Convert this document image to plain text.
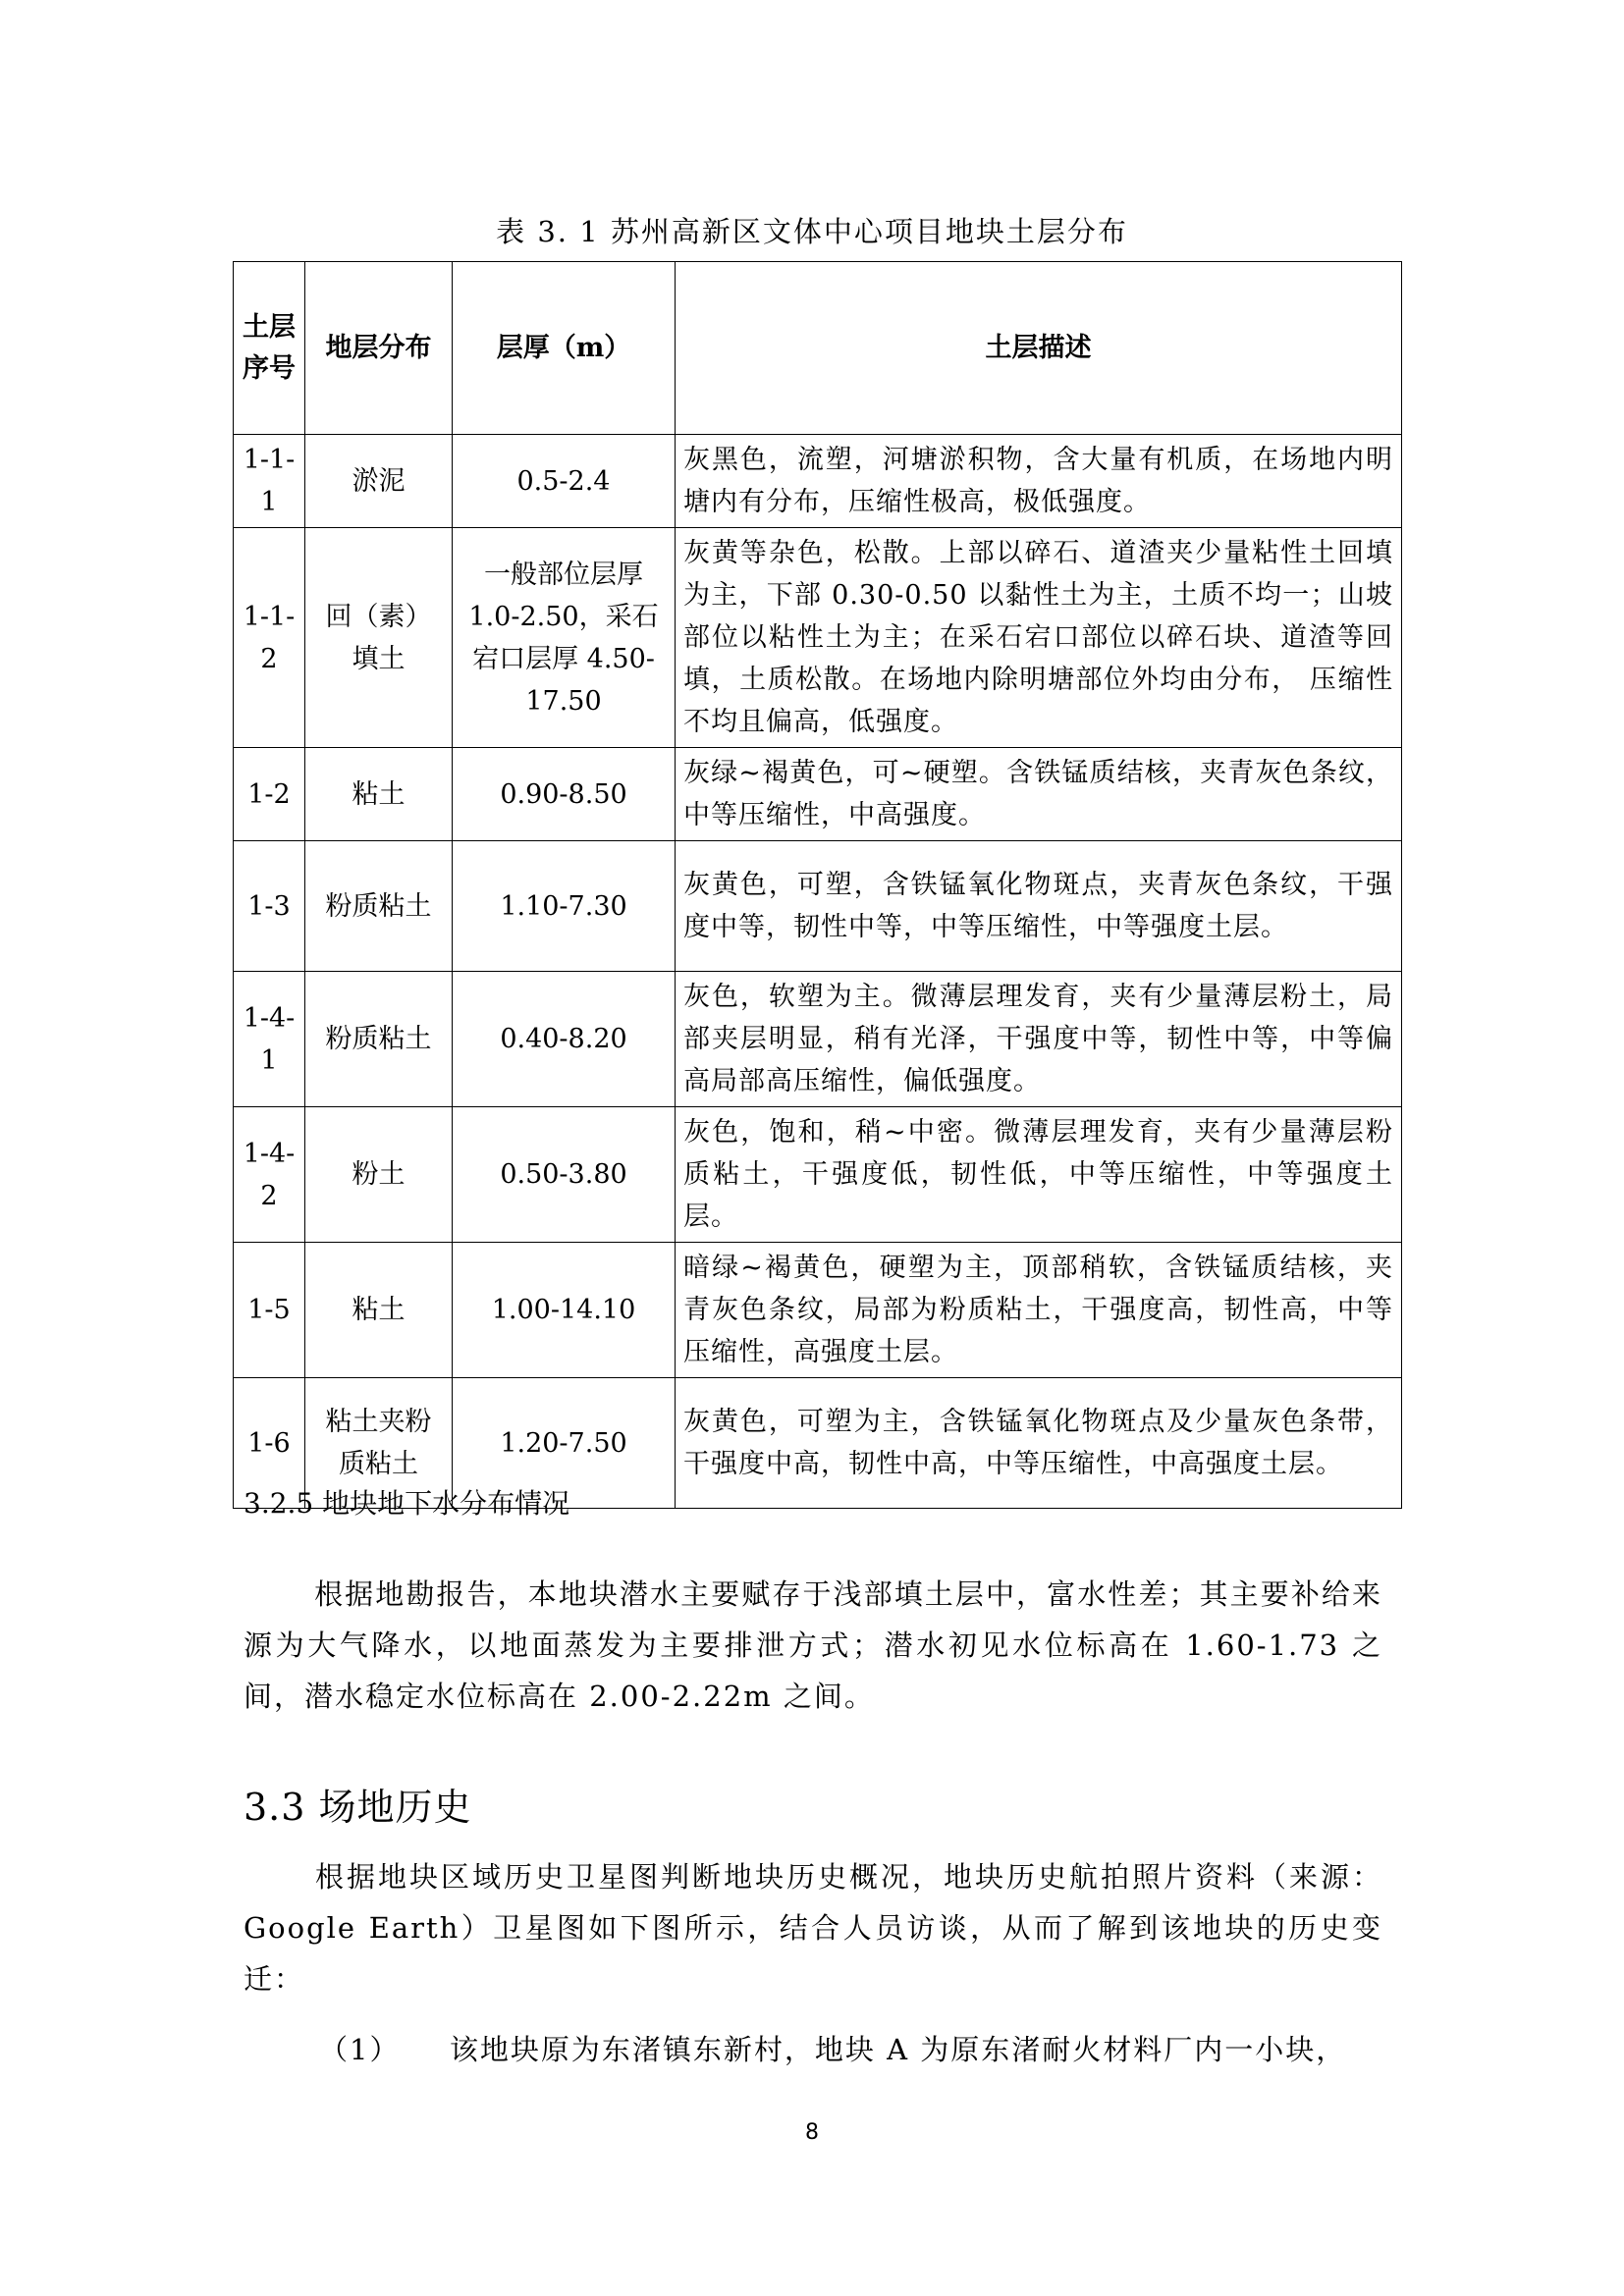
表 3. 1 苏州高新区文体中心项目地块土层分布
土层序号	地层分布	层厚（m）	土层描述
1-1-1	淤泥	0.5-2.4	灰黑色，流塑，河塘淤积物，含大量有机质，在场地内明塘内有分布，压缩性极高，极低强度。
1-1-2	回（素）填土	一般部位层厚 1.0-2.50，采石宕口层厚 4.50-17.50	灰黄等杂色，松散。上部以碎石、道渣夹少量粘性土回填为主，下部 0.30-0.50 以黏性土为主，土质不均一；山坡部位以粘性土为主；在采石宕口部位以碎石块、道渣等回填，土质松散。在场地内除明塘部位外均由分布， 压缩性不均且偏高，低强度。
1-2	粘土	0.90-8.50	灰绿~褐黄色，可~硬塑。含铁锰质结核，夹青灰色条纹，中等压缩性，中高强度。
1-3	粉质粘土	1.10-7.30	灰黄色，可塑，含铁锰氧化物斑点，夹青灰色条纹，干强度中等，韧性中等，中等压缩性，中等强度土层。
1-4-1	粉质粘土	0.40-8.20	灰色，软塑为主。微薄层理发育，夹有少量薄层粉土，局部夹层明显，稍有光泽，干强度中等，韧性中等，中等偏高局部高压缩性，偏低强度。
1-4-2	粉土	0.50-3.80	灰色，饱和，稍~中密。微薄层理发育，夹有少量薄层粉质粘土，干强度低，韧性低，中等压缩性，中等强度土层。
1-5	粘土	1.00-14.10	暗绿~褐黄色，硬塑为主，顶部稍软，含铁锰质结核，夹青灰色条纹，局部为粉质粘土，干强度高，韧性高，中等压缩性，高强度土层。
1-6	粘土夹粉质粘土	1.20-7.50	灰黄色，可塑为主，含铁锰氧化物斑点及少量灰色条带，干强度中高，韧性中高，中等压缩性，中高强度土层。
3.2.5 地块地下水分布情况
根据地勘报告，本地块潜水主要赋存于浅部填土层中，富水性差；其主要补给来源为大气降水，以地面蒸发为主要排泄方式；潜水初见水位标高在 1.60-1.73 之间，潜水稳定水位标高在 2.00-2.22m 之间。
3.3 场地历史
根据地块区域历史卫星图判断地块历史概况，地块历史航拍照片资料（来源：Google Earth）卫星图如下图所示，结合人员访谈，从而了解到该地块的历史变迁：
（1） 该地块原为东渚镇东新村，地块 A 为原东渚耐火材料厂内一小块，
8
